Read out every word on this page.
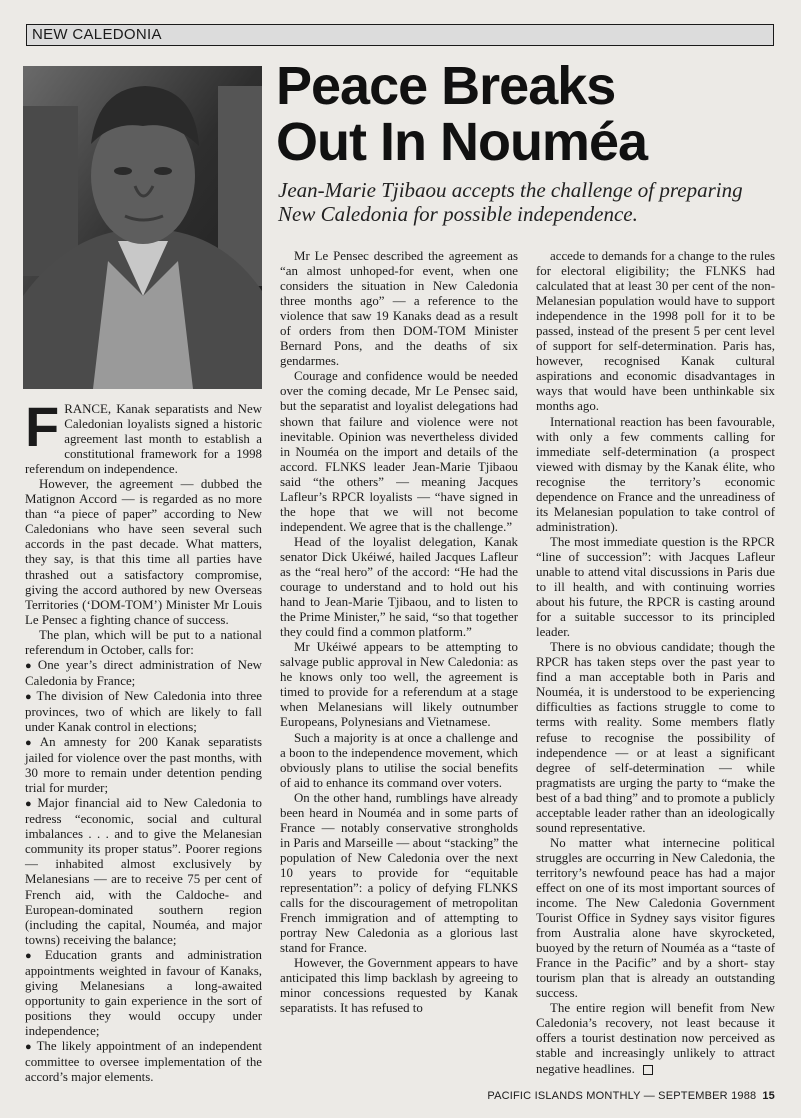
NEW CALEDONIA
Peace Breaks
Out In Nouméa
Jean-Marie Tjibaou accepts the challenge of preparing
New Caledonia for possible independence.

FRANCE, Kanak separatists and New Caledonian loyalists signed a historic agreement last month to establish a constitutional framework for a 1998 referendum on independence.

However, the agreement — dubbed the Matignon Accord — is regarded as no more than “a piece of paper” according to New Caledonians who have seen several such accords in the past decade. What matters, they say, is that this time all parties have thrashed out a satisfactory compromise, giving the accord authored by new Overseas Territories (‘DOM-TOM’) Minister Mr Louis Le Pensec a fighting chance of success.

The plan, which will be put to a national referendum in October, calls for:

● One year’s direct administration of New Caledonia by France;

● The division of New Caledonia into three provinces, two of which are likely to fall under Kanak control in elections;

● An amnesty for 200 Kanak separatists jailed for violence over the past months, with 30 more to remain under detention pending trial for murder;

● Major financial aid to New Caledonia to redress “economic, social and cultural imbalances . . . and to give the Melanesian community its proper status”. Poorer regions — inhabited almost exclusively by Melanesians — are to receive 75 per cent of French aid, with the Caldoche- and European-dominated southern region (including the capital, Nouméa, and major towns) receiving the balance;

● Education grants and administration appointments weighted in favour of Kanaks, giving Melanesians a long-awaited opportunity to gain experience in the sort of positions they would occupy under independence;

● The likely appointment of an independent committee to oversee implementation of the accord’s major elements.

Mr Le Pensec described the agreement as “an almost unhoped-for event, when one considers the situation in New Caledonia three months ago” — a reference to the violence that saw 19 Kanaks dead as a result of orders from then DOM-TOM Minister Bernard Pons, and the deaths of six gendarmes.

Courage and confidence would be needed over the coming decade, Mr Le Pensec said, but the separatist and loyalist delegations had shown that failure and violence were not inevitable. Opinion was nevertheless divided in Nouméa on the import and details of the accord. FLNKS leader Jean-Marie Tjibaou said “the others” — meaning Jacques Lafleur’s RPCR loyalists — “have signed in the hope that we will not become independent. We agree that is the challenge.”

Head of the loyalist delegation, Kanak senator Dick Ukéiwé, hailed Jacques Lafleur as the “real hero” of the accord: “He had the courage to understand and to hold out his hand to Jean-Marie Tjibaou, and to listen to the Prime Minister,” he said, “so that together they could find a common platform.”

Mr Ukéiwé appears to be attempting to salvage public approval in New Caledonia: as he knows only too well, the agreement is timed to provide for a referendum at a stage when Melanesians will likely outnumber Europeans, Polynesians and Vietnamese.

Such a majority is at once a challenge and a boon to the independence movement, which obviously plans to utilise the social benefits of aid to enhance its command over voters.

On the other hand, rumblings have already been heard in Nouméa and in some parts of France — notably conservative strongholds in Paris and Marseille — about “stacking” the population of New Caledonia over the next 10 years to provide for “equitable representation”: a policy of defying FLNKS calls for the discouragement of metropolitan French immigration and of attempting to portray New Caledonia as a glorious last stand for France.

However, the Government appears to have anticipated this limp backlash by agreeing to minor concessions requested by Kanak separatists. It has refused to

accede to demands for a change to the rules for electoral eligibility; the FLNKS had calculated that at least 30 per cent of the non-Melanesian population would have to support independence in the 1998 poll for it to be passed, instead of the present 5 per cent level of support for self-determination. Paris has, however, recognised Kanak cultural aspirations and economic disadvantages in ways that would have been unthinkable six months ago.

International reaction has been favourable, with only a few comments calling for immediate self-determination (a prospect viewed with dismay by the Kanak élite, who recognise the territory’s economic dependence on France and the unreadiness of its Melanesian population to take control of administration).

The most immediate question is the RPCR “line of succession”: with Jacques Lafleur unable to attend vital discussions in Paris due to ill health, and with continuing worries about his future, the RPCR is casting around for a suitable successor to its principled leader.

There is no obvious candidate; though the RPCR has taken steps over the past year to find a man acceptable both in Paris and Nouméa, it is understood to be experiencing difficulties as factions struggle to come to terms with reality. Some members flatly refuse to recognise the possibility of independence — or at least a significant degree of self-determination — while pragmatists are urging the party to “make the best of a bad thing” and to promote a publicly acceptable leader rather than an ideologically sound representative.

No matter what internecine political struggles are occurring in New Caledonia, the territory’s newfound peace has had a major effect on one of its most important sources of income. The New Caledonia Government Tourist Office in Sydney says visitor figures from Australia alone have skyrocketed, buoyed by the return of Nouméa as a “taste of France in the Pacific” and by a short- stay tourism plan that is already an outstanding success.

The entire region will benefit from New Caledonia’s recovery, not least because it offers a tourist destination now perceived as stable and increasingly unlikely to attract negative headlines.

PACIFIC ISLANDS MONTHLY — SEPTEMBER 1988 15
